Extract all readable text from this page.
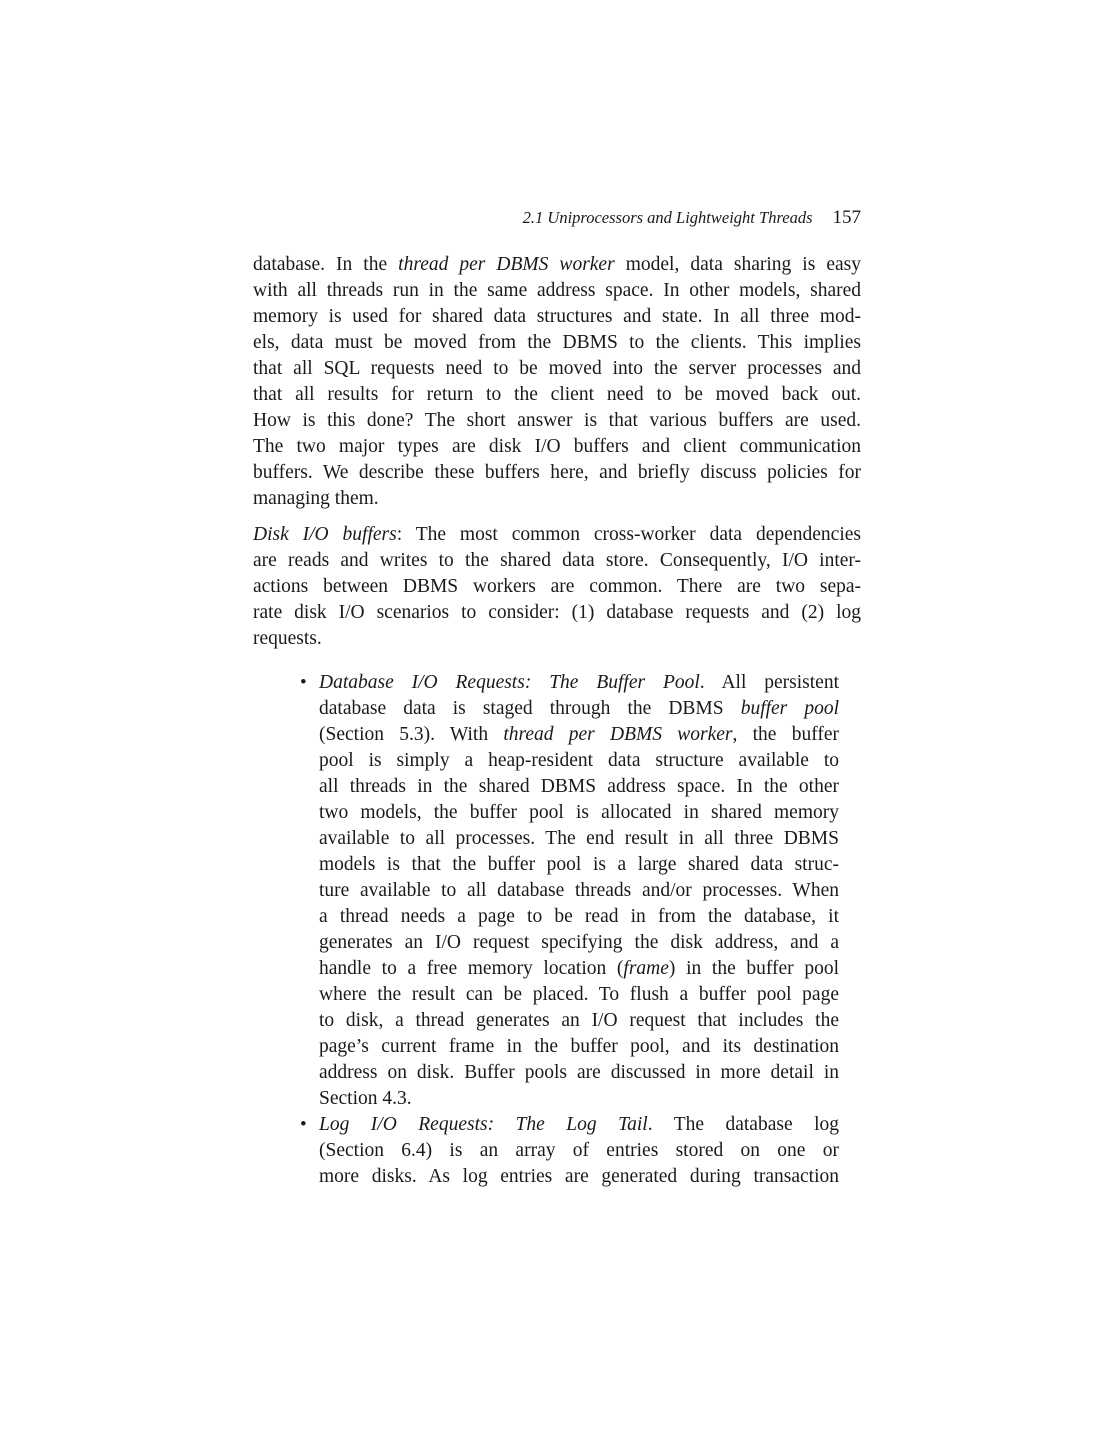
2.1 Uniprocessors and Lightweight Threads 157
database. In the thread per DBMS worker model, data sharing is easy
with all threads run in the same address space. In other models, shared
memory is used for shared data structures and state. In all three mod-
els, data must be moved from the DBMS to the clients. This implies
that all SQL requests need to be moved into the server processes and
that all results for return to the client need to be moved back out.
How is this done? The short answer is that various buffers are used.
The two major types are disk I/O buffers and client communication
buffers. We describe these buffers here, and briefly discuss policies for
managing them.
Disk I/O buffers: The most common cross-worker data dependencies
are reads and writes to the shared data store. Consequently, I/O inter-
actions between DBMS workers are common. There are two sepa-
rate disk I/O scenarios to consider: (1) database requests and (2) log
requests.
• Database I/O Requests: The Buffer Pool. All persistent
database data is staged through the DBMS buffer pool
(Section 5.3). With thread per DBMS worker, the buffer
pool is simply a heap-resident data structure available to
all threads in the shared DBMS address space. In the other
two models, the buffer pool is allocated in shared memory
available to all processes. The end result in all three DBMS
models is that the buffer pool is a large shared data struc-
ture available to all database threads and/or processes. When
a thread needs a page to be read in from the database, it
generates an I/O request specifying the disk address, and a
handle to a free memory location (frame) in the buffer pool
where the result can be placed. To flush a buffer pool page
to disk, a thread generates an I/O request that includes the
page’s current frame in the buffer pool, and its destination
address on disk. Buffer pools are discussed in more detail in
Section 4.3.
• Log I/O Requests: The Log Tail. The database log
(Section 6.4) is an array of entries stored on one or
more disks. As log entries are generated during transaction
